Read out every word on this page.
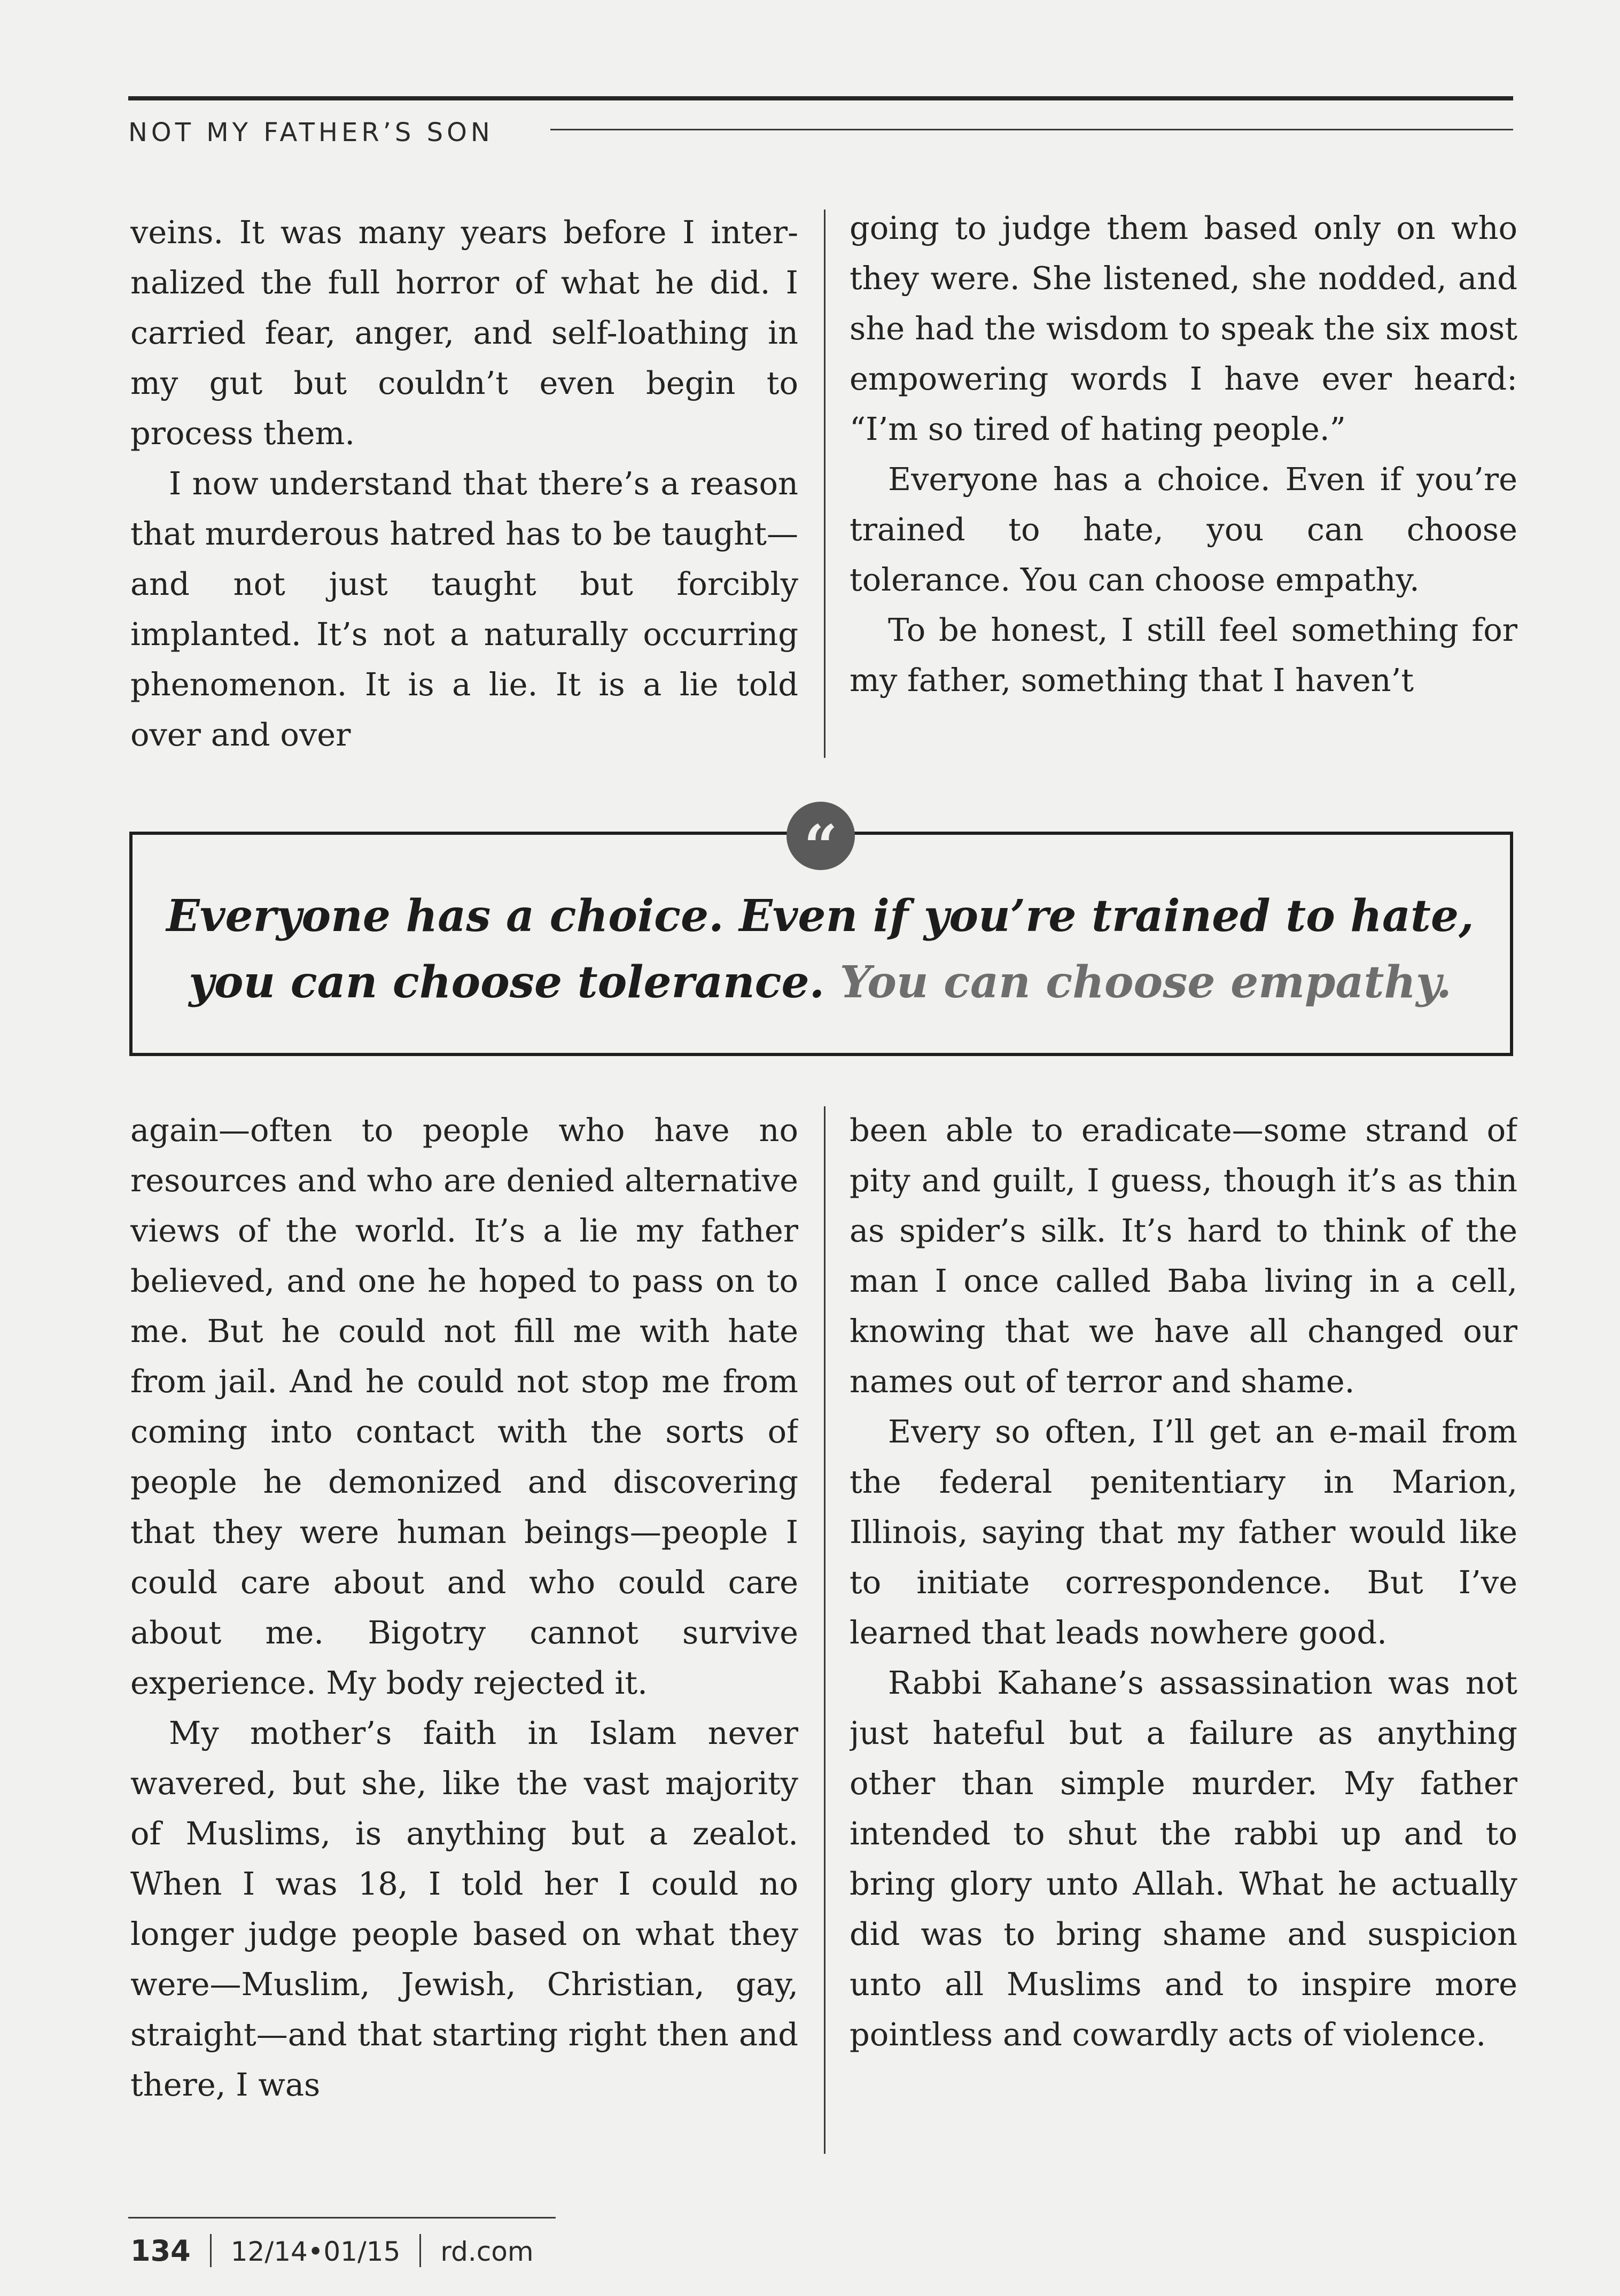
NOT MY FATHER’S SON

veins. It was many years before I internalized the full horror of what he did. I carried fear, anger, and self-loathing in my gut but couldn’t even begin to process them.

I now understand that there’s a reason that murderous hatred has to be taught—and not just taught but forcibly implanted. It’s not a naturally occurring phenomenon. It is a lie. It is a lie told over and over

going to judge them based only on who they were. She listened, she nodded, and she had the wisdom to speak the six most empowering words I have ever heard: “I’m so tired of hating people.”

Everyone has a choice. Even if you’re trained to hate, you can choose tolerance. You can choose empathy.

To be honest, I still feel something for my father, something that I haven’t

“
Everyone has a choice. Even if you’re trained to hate, you can choose tolerance. You can choose empathy.

again—often to people who have no resources and who are denied alternative views of the world. It’s a lie my father believed, and one he hoped to pass on to me. But he could not fill me with hate from jail. And he could not stop me from coming into contact with the sorts of people he demonized and discovering that they were human beings—people I could care about and who could care about me. Bigotry cannot survive experience. My body rejected it.

My mother’s faith in Islam never wavered, but she, like the vast majority of Muslims, is anything but a zealot. When I was 18, I told her I could no longer judge people based on what they were—Muslim, Jewish, Christian, gay, straight—and that starting right then and there, I was

been able to eradicate—some strand of pity and guilt, I guess, though it’s as thin as spider’s silk. It’s hard to think of the man I once called Baba living in a cell, knowing that we have all changed our names out of terror and shame.

Every so often, I’ll get an e-mail from the federal penitentiary in Marion, Illinois, saying that my father would like to initiate correspondence. But I’ve learned that leads nowhere good.

Rabbi Kahane’s assassination was not just hateful but a failure as anything other than simple murder. My father intended to shut the rabbi up and to bring glory unto Allah. What he actually did was to bring shame and suspicion unto all Muslims and to inspire more pointless and cowardly acts of violence.

134 12/14•01/15 rd.com
